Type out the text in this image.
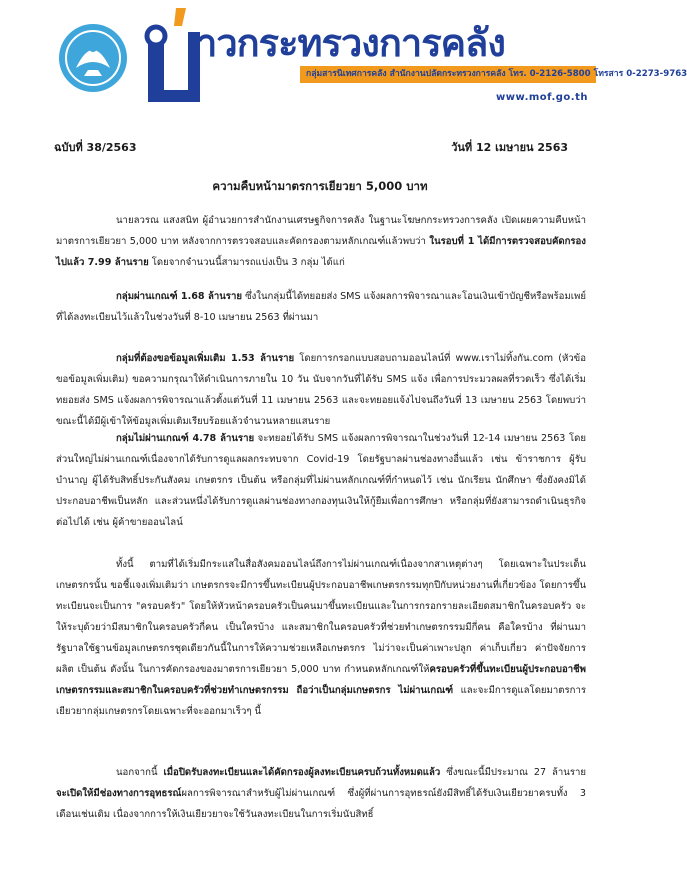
าวกระทรวงการคลัง
กลุ่มสารนิเทศการคลัง สำนักงานปลัดกระทรวงการคลัง โทร. 0-2126-5800 โทรสาร 0-2273-9763
www.mof.go.th
ฉบับที่ 38/2563	วันที่ 12 เมษายน 2563
ความคืบหน้ามาตรการเยียวยา 5,000 บาท

นายลวรณ แสงสนิท ผู้อำนวยการสำนักงานเศรษฐกิจการคลัง ในฐานะโฆษกกระทรวงการคลัง เปิดเผยความคืบหน้ามาตรการเยียวยา 5,000 บาท หลังจากการตรวจสอบและคัดกรองตามหลักเกณฑ์แล้วพบว่า ในรอบที่ 1 ได้มีการตรวจสอบคัดกรองไปแล้ว 7.99 ล้านราย โดยจากจำนวนนี้สามารถแบ่งเป็น 3 กลุ่ม ได้แก่

กลุ่มผ่านเกณฑ์ 1.68 ล้านราย ซึ่งในกลุ่มนี้ได้ทยอยส่ง SMS แจ้งผลการพิจารณาและโอนเงินเข้าบัญชีหรือพร้อมเพย์ที่ได้ลงทะเบียนไว้แล้วในช่วงวันที่ 8-10 เมษายน 2563 ที่ผ่านมา

กลุ่มที่ต้องขอข้อมูลเพิ่มเติม 1.53 ล้านราย โดยการกรอกแบบสอบถามออนไลน์ที่ www.เราไม่ทิ้งกัน.com (หัวข้อ ขอข้อมูลเพิ่มเติม) ขอความกรุณาให้ดำเนินการภายใน 10 วัน นับจากวันที่ได้รับ SMS แจ้ง เพื่อการประมวลผลที่รวดเร็ว ซึ่งได้เริ่มทยอยส่ง SMS แจ้งผลการพิจารณาแล้วตั้งแต่วันที่ 11 เมษายน 2563 และจะทยอยแจ้งไปจนถึงวันที่ 13 เมษายน 2563 โดยพบว่า ขณะนี้ได้มีผู้เข้าให้ข้อมูลเพิ่มเติมเรียบร้อยแล้วจำนวนหลายแสนราย

กลุ่มไม่ผ่านเกณฑ์ 4.78 ล้านราย จะทยอยได้รับ SMS แจ้งผลการพิจารณาในช่วงวันที่ 12-14 เมษายน 2563 โดยส่วนใหญ่ไม่ผ่านเกณฑ์เนื่องจากได้รับการดูแลผลกระทบจาก Covid-19 โดยรัฐบาลผ่านช่องทางอื่นแล้ว เช่น ข้าราชการ ผู้รับบำนาญ ผู้ได้รับสิทธิ์ประกันสังคม เกษตรกร เป็นต้น หรือกลุ่มที่ไม่ผ่านหลักเกณฑ์ที่กำหนดไว้ เช่น นักเรียน นักศึกษา ซึ่งยังคงมิได้ประกอบอาชีพเป็นหลัก และส่วนหนึ่งได้รับการดูแลผ่านช่องทางกองทุนเงินให้กู้ยืมเพื่อการศึกษา หรือกลุ่มที่ยังสามารถดำเนินธุรกิจต่อไปได้ เช่น ผู้ค้าขายออนไลน์

ทั้งนี้ ตามที่ได้เริ่มมีกระแสในสื่อสังคมออนไลน์ถึงการไม่ผ่านเกณฑ์เนื่องจากสาเหตุต่างๆ โดยเฉพาะในประเด็นเกษตรกรนั้น ขอชี้แจงเพิ่มเติมว่า เกษตรกรจะมีการขึ้นทะเบียนผู้ประกอบอาชีพเกษตรกรรมทุกปีกับหน่วยงานที่เกี่ยวข้อง โดยการขึ้นทะเบียนจะเป็นการ "ครอบครัว" โดยให้หัวหน้าครอบครัวเป็นคนมาขึ้นทะเบียนและในการกรอกรายละเอียดสมาชิกในครอบครัว จะให้ระบุด้วยว่ามีสมาชิกในครอบครัวกี่คน เป็นใครบ้าง และสมาชิกในครอบครัวที่ช่วยทำเกษตรกรรมมีกี่คน คือใครบ้าง ที่ผ่านมารัฐบาลใช้ฐานข้อมูลเกษตรกรชุดเดียวกันนี้ในการให้ความช่วยเหลือเกษตรกร ไม่ว่าจะเป็นค่าเพาะปลูก ค่าเก็บเกี่ยว ค่าปัจจัยการผลิต เป็นต้น ดังนั้น ในการคัดกรองของมาตรการเยียวยา 5,000 บาท กำหนดหลักเกณฑ์ให้ครอบครัวที่ขึ้นทะเบียนผู้ประกอบอาชีพเกษตรกรรมและสมาชิกในครอบครัวที่ช่วยทำเกษตรกรรม ถือว่าเป็นกลุ่มเกษตรกร ไม่ผ่านเกณฑ์ และจะมีการดูแลโดยมาตรการเยียวยากลุ่มเกษตรกรโดยเฉพาะที่จะออกมาเร็วๆ นี้

นอกจากนี้ เมื่อปิดรับลงทะเบียนและได้คัดกรองผู้ลงทะเบียนครบถ้วนทั้งหมดแล้ว ซึ่งขณะนี้มีประมาณ 27 ล้านราย จะเปิดให้มีช่องทางการอุทธรณ์ผลการพิจารณาสำหรับผู้ไม่ผ่านเกณฑ์ ซึ่งผู้ที่ผ่านการอุทธรณ์ยังมีสิทธิ์ได้รับเงินเยียวยาครบทั้ง 3 เดือนเช่นเดิม เนื่องจากการให้เงินเยียวยาจะใช้วันลงทะเบียนในการเริ่มนับสิทธิ์
